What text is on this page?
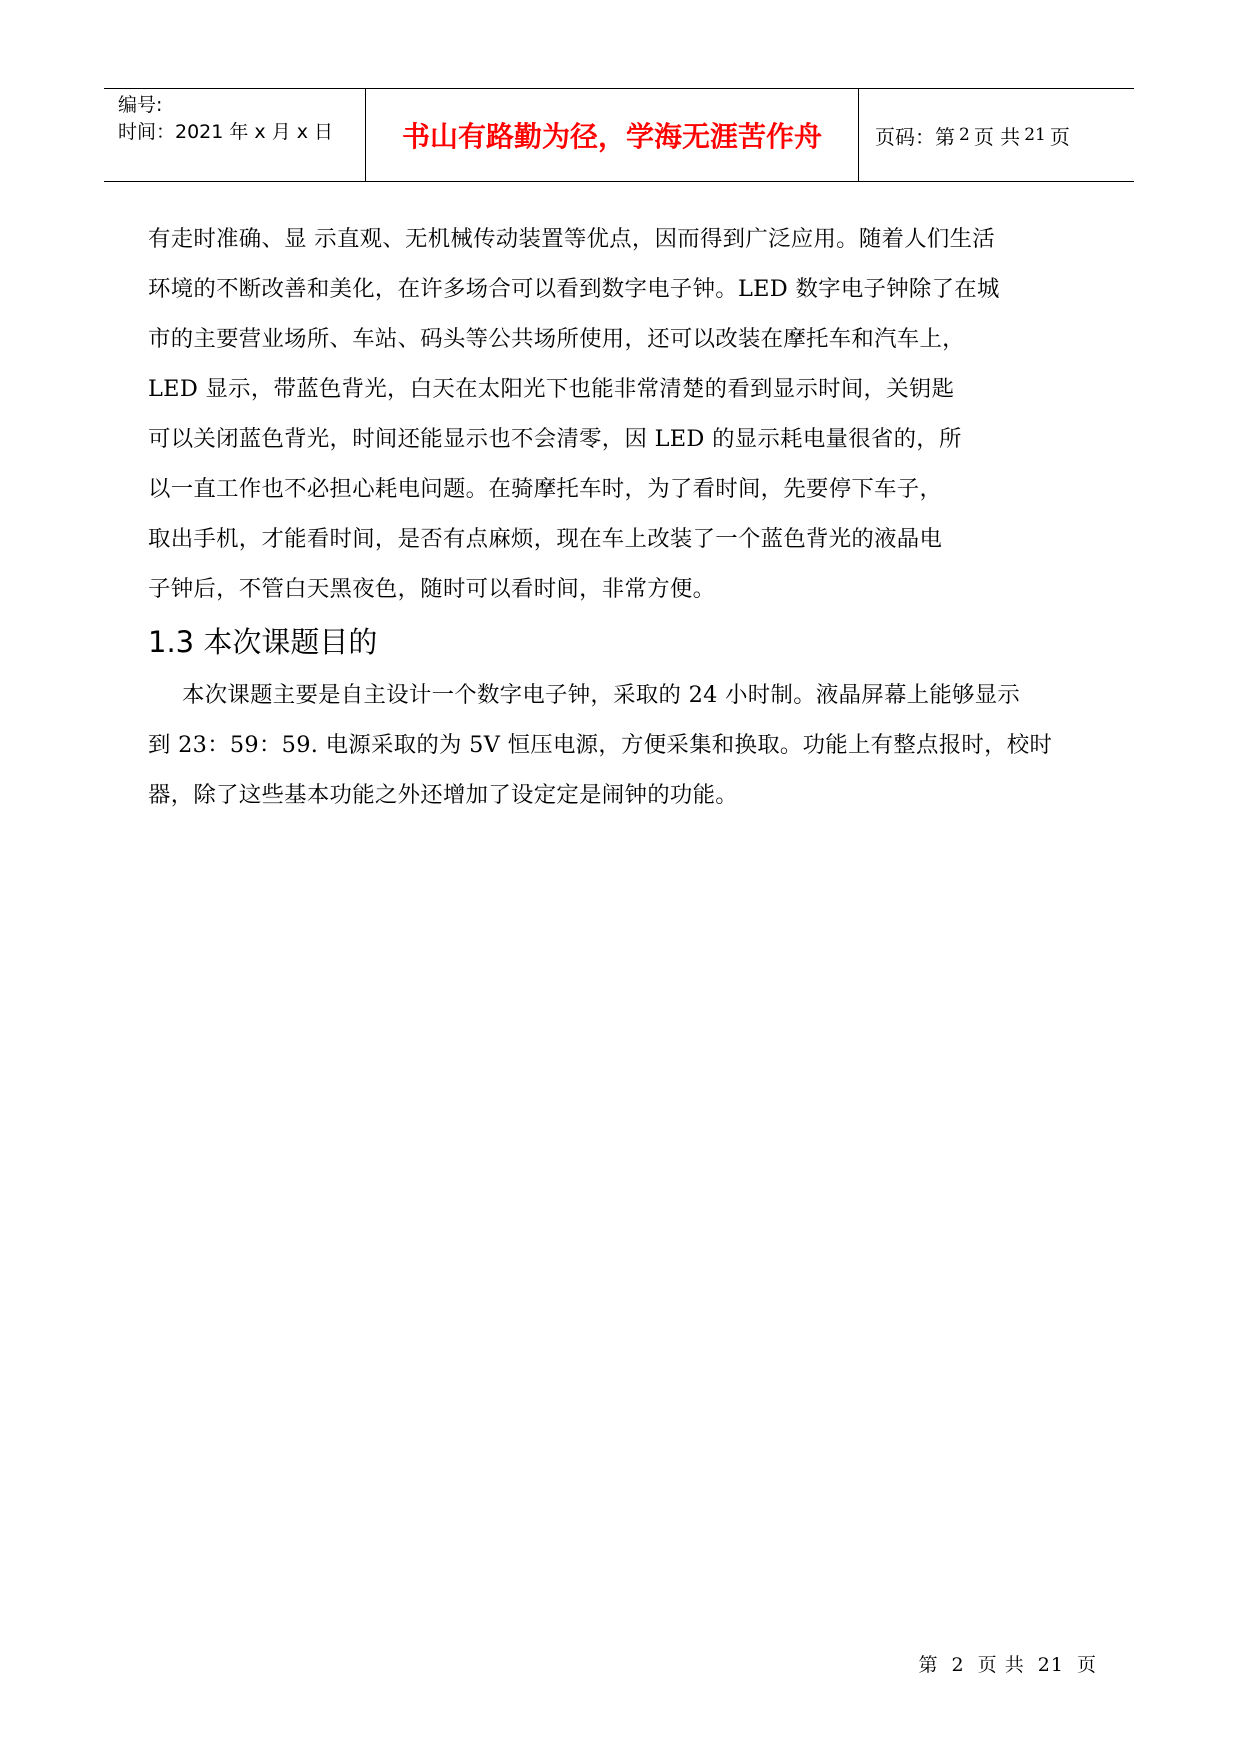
编号:
时间：2021 年 x 月 x 日	书山有路勤为径，学海无涯苦作舟	页码：第 2 页 共 21 页
有走时准确、显 示直观、无机械传动装置等优点，因而得到广泛应用。随着人们生活
环境的不断改善和美化，在许多场合可以看到数字电子钟。LED 数字电子钟除了在城
市的主要营业场所、车站、码头等公共场所使用，还可以改装在摩托车和汽车上，
LED 显示，带蓝色背光，白天在太阳光下也能非常清楚的看到显示时间，关钥匙
可以关闭蓝色背光，时间还能显示也不会清零，因 LED 的显示耗电量很省的，所
以一直工作也不必担心耗电问题。在骑摩托车时，为了看时间，先要停下车子，
取出手机，才能看时间，是否有点麻烦，现在车上改装了一个蓝色背光的液晶电
子钟后，不管白天黑夜色，随时可以看时间，非常方便。
1.3 本次课题目的
本次课题主要是自主设计一个数字电子钟，采取的 24 小时制。液晶屏幕上能够显示
到 23：59：59. 电源采取的为 5V 恒压电源，方便采集和换取。功能上有整点报时，校时
器，除了这些基本功能之外还增加了设定定是闹钟的功能。
第 2 页 共 21 页
